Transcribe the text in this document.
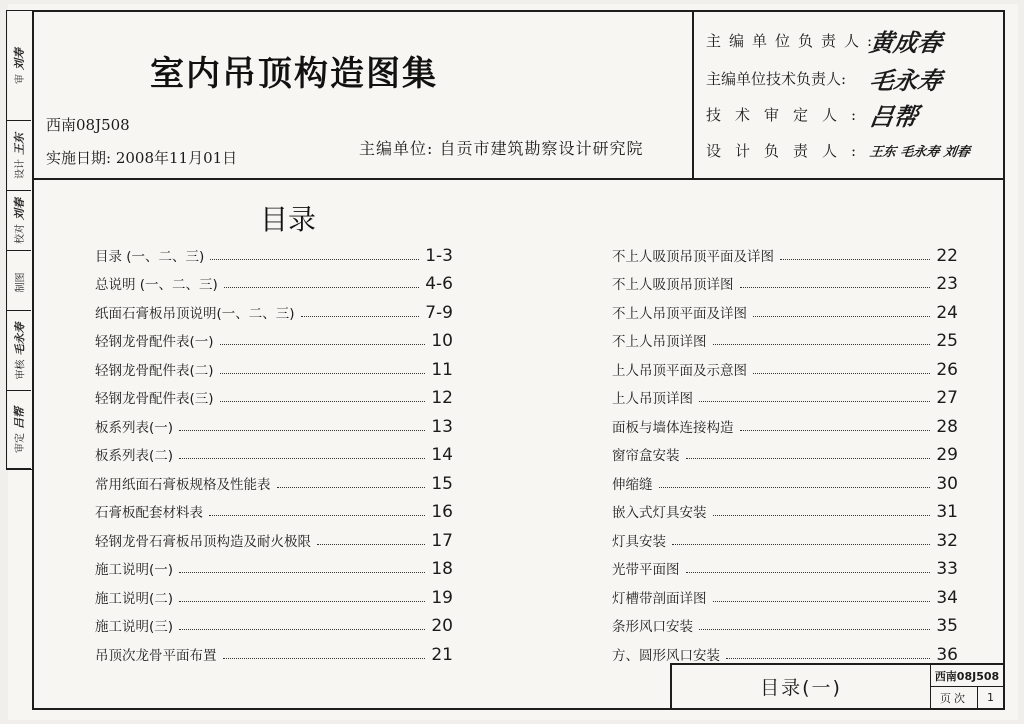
审刘寿
设计王东
校对刘春
制图
审核毛永寿
审定吕帮
室内吊顶构造图集
西南08J508
实施日期: 2008年11月01日	主编单位: 自贡市建筑勘察设计研究院
主编单位负责人:
黄成春
主编单位技术负责人: 毛永寿
技术审定人:
吕帮
设计负责人:
王东 毛永寿 刘春
目录
目录 (一、二、三)	1-3
总说明 (一、二、三)	4-6
纸面石膏板吊顶说明(一、二、三)	7-9
轻钢龙骨配件表(一)	10
轻钢龙骨配件表(二)	11
轻钢龙骨配件表(三)	12
板系列表(一)	13
板系列表(二)	14
常用纸面石膏板规格及性能表	15
石膏板配套材料表	16
轻钢龙骨石膏板吊顶构造及耐火极限	17
施工说明(一)	18
施工说明(二)	19
施工说明(三)	20
吊顶次龙骨平面布置	21
不上人吸顶吊顶平面及详图	22
不上人吸顶吊顶详图	23
不上人吊顶平面及详图	24
不上人吊顶详图	25
上人吊顶平面及示意图	26
上人吊顶详图	27
面板与墙体连接构造	28
窗帘盒安装	29
伸缩缝	30
嵌入式灯具安装	31
灯具安装	32
光带平面图	33
灯槽带剖面详图	34
条形风口安装	35
方、圆形风口安装	36
目录(一)
西南08J508
页次	1
